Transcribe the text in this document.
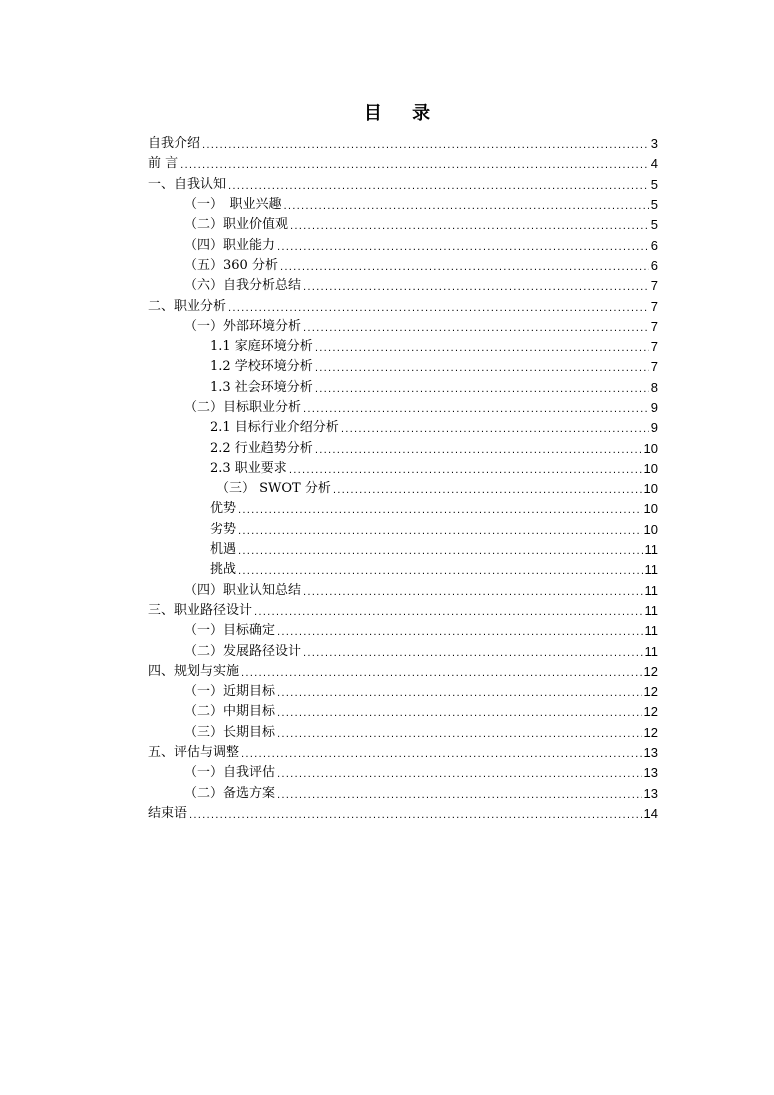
目 录
自我介绍 .....	3
前 言 .....	4
一、自我认知 .....	5
（一）　职业兴趣 .....	5
（二）职业价值观 .....	5
（四）职业能力 .....	6
（五）360 分析 .....	6
（六）自我分析总结 .....	7
二、职业分析 .....	7
（一）外部环境分析 .....	7
1.1 家庭环境分析 .....	7
1.2 学校环境分析 .....	7
1.3 社会环境分析 .....	8
（二）目标职业分析 .....	9
2.1 目标行业介绍分析 .....	9
2.2 行业趋势分析 .....	10
2.3 职业要求 .....	10
（三） SWOT 分析 .....	10
优势 .....	10
劣势 .....	10
机遇 .....	11
挑战 .....	11
（四）职业认知总结 .....	11
三、职业路径设计 .....	11
（一）目标确定 .....	11
（二）发展路径设计 .....	11
四、规划与实施 .....	12
（一）近期目标 .....	12
（二）中期目标 .....	12
（三）长期目标 .....	12
五、评估与调整 .....	13
（一）自我评估 .....	13
（二）备选方案 .....	13
结束语 .....	14
